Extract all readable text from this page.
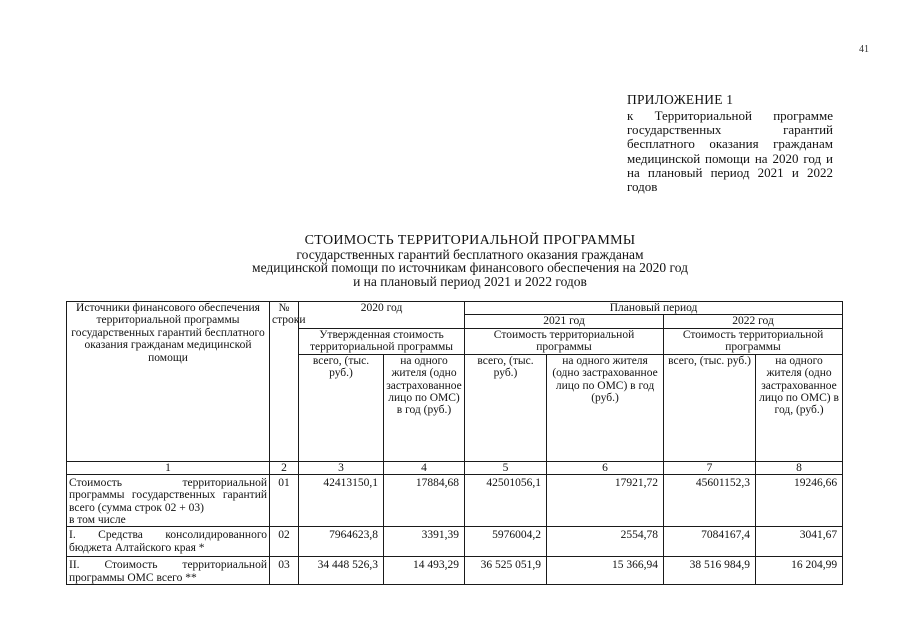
41
ПРИЛОЖЕНИЕ 1
к Территориальной программе государственных гарантий бесплатного оказания гражданам медицинской помощи на 2020 год и на плановый период 2021 и 2022 годов
СТОИМОСТЬ ТЕРРИТОРИАЛЬНОЙ ПРОГРАММЫ
государственных гарантий бесплатного оказания гражданам
медицинской помощи по источникам финансового обеспечения на 2020 год
и на плановый период 2021 и 2022 годов
Источники финансового обеспечения территориальной программы государственных гарантий бесплатного оказания гражданам медицинской помощи	№ строки	2020 год		Плановый период			
				2021 год		2022 год	
		Утвержденная стоимость территориальной программы		Стоимость территориальной программы		Стоимость территориальной программы	
		всего, (тыс. руб.)	на одного жителя (одно застрахованное лицо по ОМС) в год (руб.)	всего, (тыс. руб.)	на одного жителя (одно застрахованное лицо по ОМС) в год (руб.)	всего, (тыс. руб.)	на одного жителя (одно застрахованное лицо по ОМС) в год, (руб.)
1	2	3	4	5	6	7	8

Стоимость территориальной программы государственных гарантий всего (сумма строк 02 + 03)
в том числе	01	42413150,1	17884,68	42501056,1	17921,72	45601152,3	19246,66
I. Средства консолидированного бюджета Алтайского края *	02	7964623,8	3391,39	5976004,2	2554,78	7084167,4	3041,67
II. Стоимость территориальной программы ОМС всего **	03	34 448 526,3	14 493,29	36 525 051,9	15 366,94	38 516 984,9	16 204,99
